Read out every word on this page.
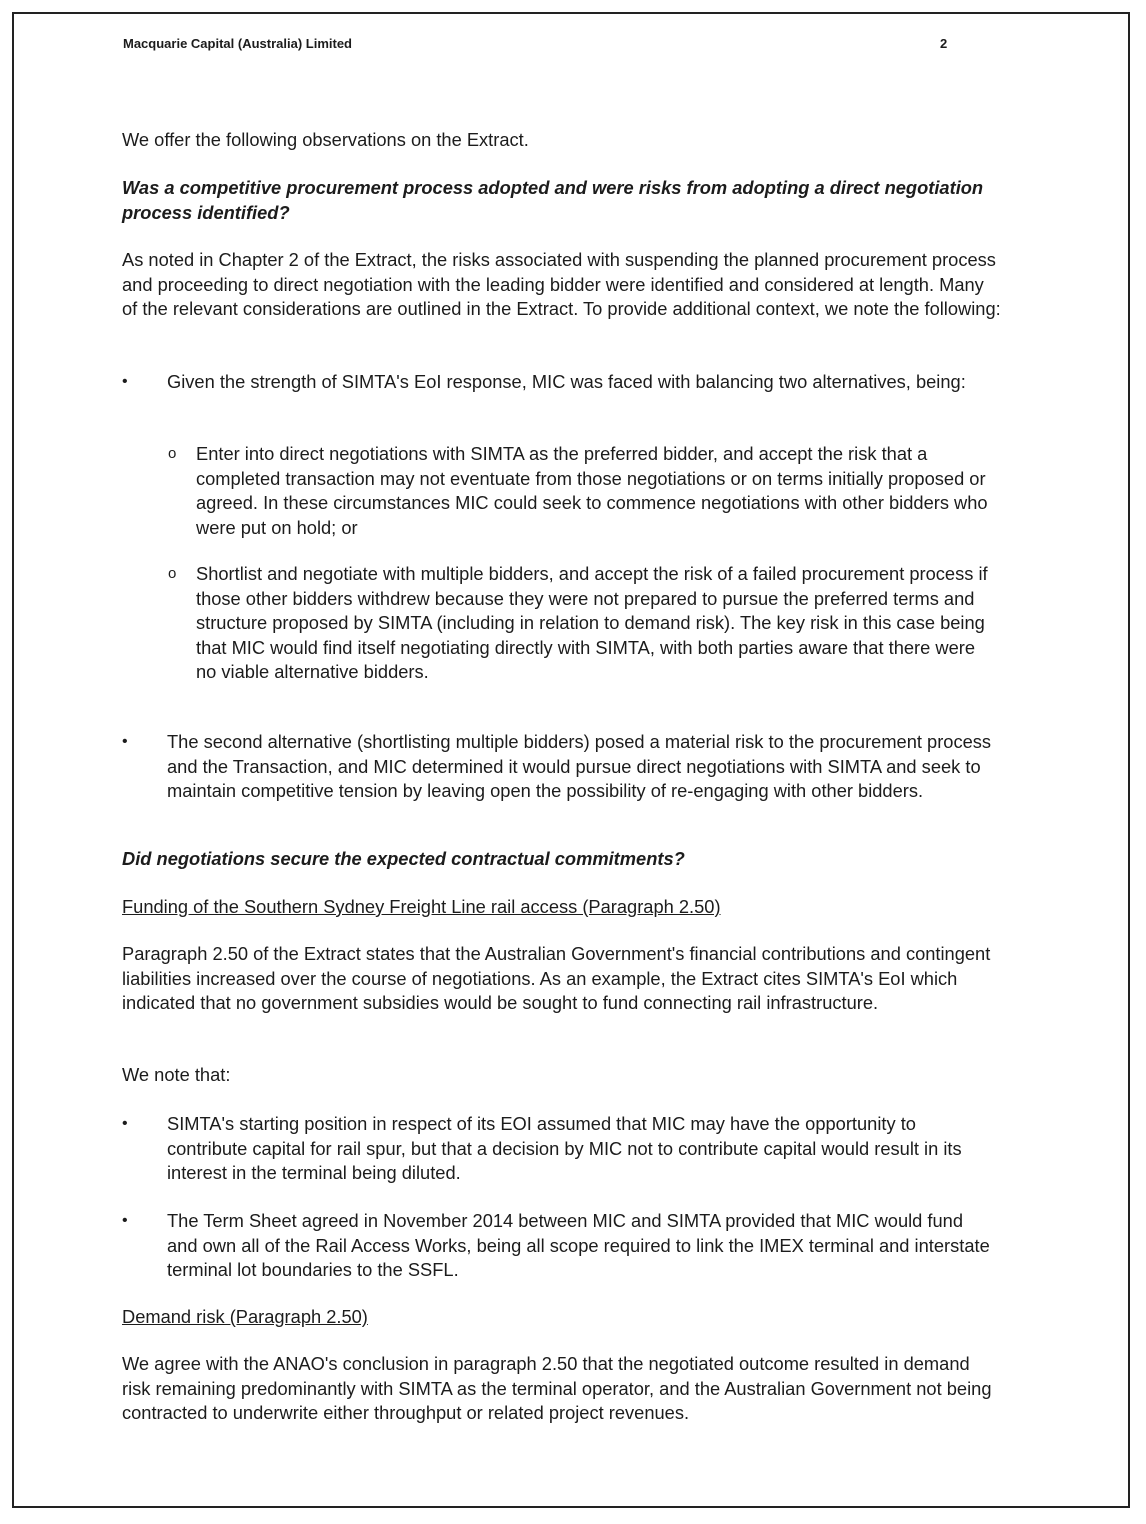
Macquarie Capital (Australia) Limited	2

We offer the following observations on the Extract.

Was a competitive procurement process adopted and were risks from adopting a direct negotiation process identified?

As noted in Chapter 2 of the Extract, the risks associated with suspending the planned procurement process and proceeding to direct negotiation with the leading bidder were identified and considered at length. Many of the relevant considerations are outlined in the Extract. To provide additional context, we note the following:

•	Given the strength of SIMTA's EoI response, MIC was faced with balancing two alternatives, being:

o	Enter into direct negotiations with SIMTA as the preferred bidder, and accept the risk that a completed transaction may not eventuate from those negotiations or on terms initially proposed or agreed. In these circumstances MIC could seek to commence negotiations with other bidders who were put on hold; or

o	Shortlist and negotiate with multiple bidders, and accept the risk of a failed procurement process if those other bidders withdrew because they were not prepared to pursue the preferred terms and structure proposed by SIMTA (including in relation to demand risk). The key risk in this case being that MIC would find itself negotiating directly with SIMTA, with both parties aware that there were no viable alternative bidders.

•	The second alternative (shortlisting multiple bidders) posed a material risk to the procurement process and the Transaction, and MIC determined it would pursue direct negotiations with SIMTA and seek to maintain competitive tension by leaving open the possibility of re-engaging with other bidders.

Did negotiations secure the expected contractual commitments?

Funding of the Southern Sydney Freight Line rail access (Paragraph 2.50)

Paragraph 2.50 of the Extract states that the Australian Government's financial contributions and contingent liabilities increased over the course of negotiations. As an example, the Extract cites SIMTA's EoI which indicated that no government subsidies would be sought to fund connecting rail infrastructure.

We note that:

•	SIMTA's starting position in respect of its EOI assumed that MIC may have the opportunity to contribute capital for rail spur, but that a decision by MIC not to contribute capital would result in its interest in the terminal being diluted.

•	The Term Sheet agreed in November 2014 between MIC and SIMTA provided that MIC would fund and own all of the Rail Access Works, being all scope required to link the IMEX terminal and interstate terminal lot boundaries to the SSFL.

Demand risk (Paragraph 2.50)

We agree with the ANAO's conclusion in paragraph 2.50 that the negotiated outcome resulted in demand risk remaining predominantly with SIMTA as the terminal operator, and the Australian Government not being contracted to underwrite either throughput or related project revenues.
